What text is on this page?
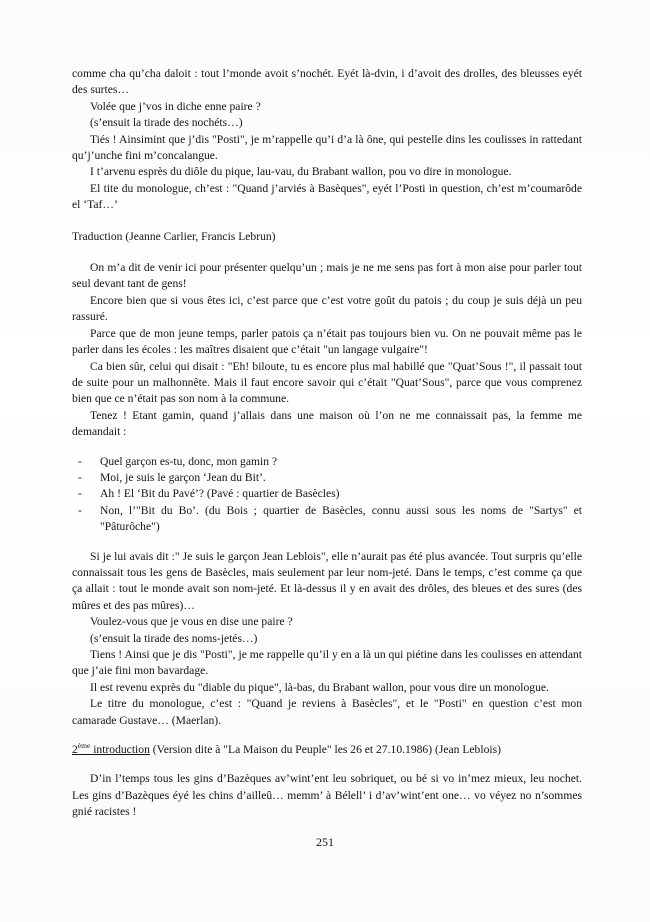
comme cha qu’cha daloit : tout l’monde avoit s’nochét. Eyét là-dvin, i d’avoit des drolles, des bleusses eyét des surtes…

Volée que j’vos in diche enne paire ?

(s’ensuit la tirade des nochéts…)

Tiés ! Ainsimint que j’dis "Posti", je m’rappelle qu’i d’a là ône, qui pestelle dins les coulisses in rattedant qu’j’unche fini m’concalangue.

I t’arvenu esprès du diôle du pique, lau-vau, du Brabant wallon, pou vo dire in monologue.

El tite du monologue, ch’est : "Quand j’arviés à Basèques", eyét l’Posti in question, ch’est m’coumarôde el ‘Taf…’

Traduction (Jeanne Carlier, Francis Lebrun)

On m’a dit de venir ici pour présenter quelqu’un ; mais je ne me sens pas fort à mon aise pour parler tout seul devant tant de gens!

Encore bien que si vous êtes ici, c’est parce que c’est votre goût du patois ; du coup je suis déjà un peu rassuré.

Parce que de mon jeune temps, parler patois ça n’était pas toujours bien vu. On ne pouvait même pas le parler dans les écoles : les maîtres disaient que c’était "un langage vulgaire"!

Ca bien sûr, celui qui disait : "Eh! biloute, tu es encore plus mal habillé que "Quat’Sous !", il passait tout de suite pour un malhonnête. Mais il faut encore savoir qui c’était "Quat’Sous", parce que vous comprenez bien que ce n’était pas son nom à la commune.

Tenez ! Etant gamin, quand j’allais dans une maison où l’on ne me connaissait pas, la femme me demandait :

- Quel garçon es-tu, donc, mon gamin ?
- Moi, je suis le garçon ‘Jean du Bit’.
- Ah ! El ‘Bit du Pavé’? (Pavé : quartier de Basècles)
- Non, l’"Bit du Bo’. (du Bois ; quartier de Basècles, connu aussi sous les noms de "Sartys" et "Pâturôche")

Si je lui avais dit :" Je suis le garçon Jean Leblois", elle n’aurait pas été plus avancée. Tout surpris qu’elle connaissait tous les gens de Basècles, mais seulement par leur nom-jeté. Dans le temps, c’est comme ça que ça allait : tout le monde avait son nom-jeté. Et là-dessus il y en avait des drôles, des bleues et des sures (des mûres et des pas mûres)…

Voulez-vous que je vous en dise une paire ?

(s’ensuit la tirade des noms-jetés…)

Tiens ! Ainsi que je dis "Posti", je me rappelle qu’il y en a là un qui piétine dans les coulisses en attendant que j’aie fini mon bavardage.

Il est revenu exprès du "diable du pique", là-bas, du Brabant wallon, pour vous dire un monologue.

Le titre du monologue, c’est : "Quand je reviens à Basècles", et le "Posti" en question c’est mon camarade Gustave… (Maerlan).

2ème introduction (Version dite à "La Maison du Peuple" les 26 et 27.10.1986) (Jean Leblois)

D’in l’temps tous les gins d’Bazèques av’wint’ent leu sobriquet, ou bé si vo in’mez mieux, leu nochet. Les gins d’Bazèques éyé les chins d’ailleû… memm’ à Bélell’ i d’av’wint’ent one… vo véyez no n’sommes gnié racistes !

251
